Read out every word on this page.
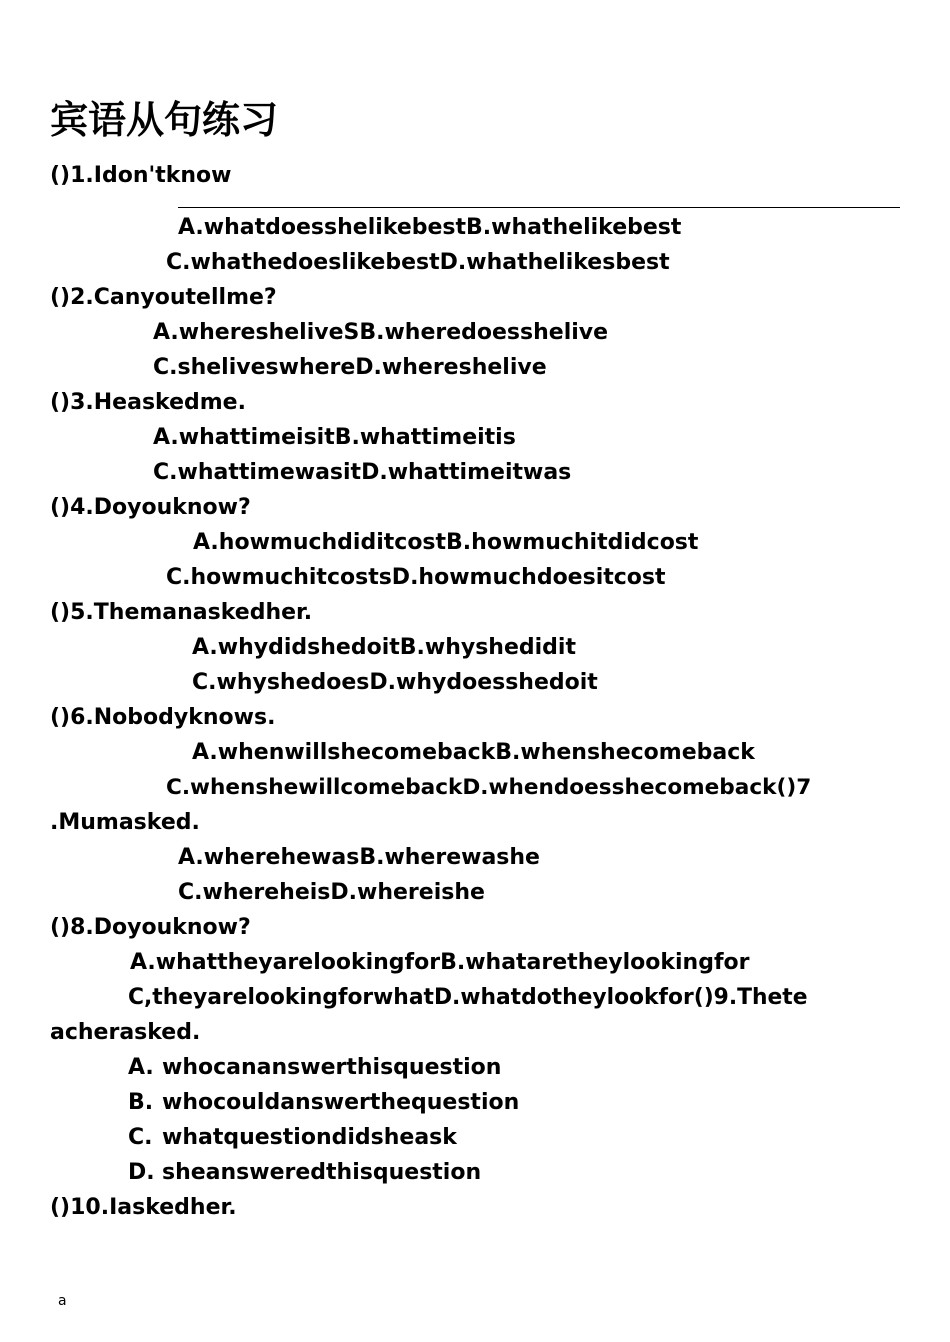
宾语从句练习
()1.Idon'tknow
A.whatdoesshelikebestB.whathelikebest
C.whathedoeslikebestD.whathelikesbest
()2.Canyoutellme?
A.wheresheliveSB.wheredoesshelive
C.sheliveswhereD.whereshelive
()3.Heaskedme.
A.whattimeisitB.whattimeitis
C.whattimewasitD.whattimeitwas
()4.Doyouknow?
A.howmuchdiditcostB.howmuchitdidcost
C.howmuchitcostsD.howmuchdoesitcost
()5.Themanaskedher.
A.whydidshedoitB.whyshedidit
C.whyshedoesD.whydoesshedoit
()6.Nobodyknows.
A.whenwillshecomebackB.whenshecomeback
C.whenshewillcomebackD.whendoesshecomeback()7
.Mumasked.
A.wherehewasB.wherewashe
C.whereheisD.whereishe
()8.Doyouknow?
A.whattheyarelookingforB.whataretheylookingfor
C,theyarelookingforwhatD.whatdotheylookfor()9.Thete
acherasked.
A. whocananswerthisquestion
B. whocouldanswerthequestion
C. whatquestiondidsheask
D. sheansweredthisquestion
()10.Iaskedher.
a
